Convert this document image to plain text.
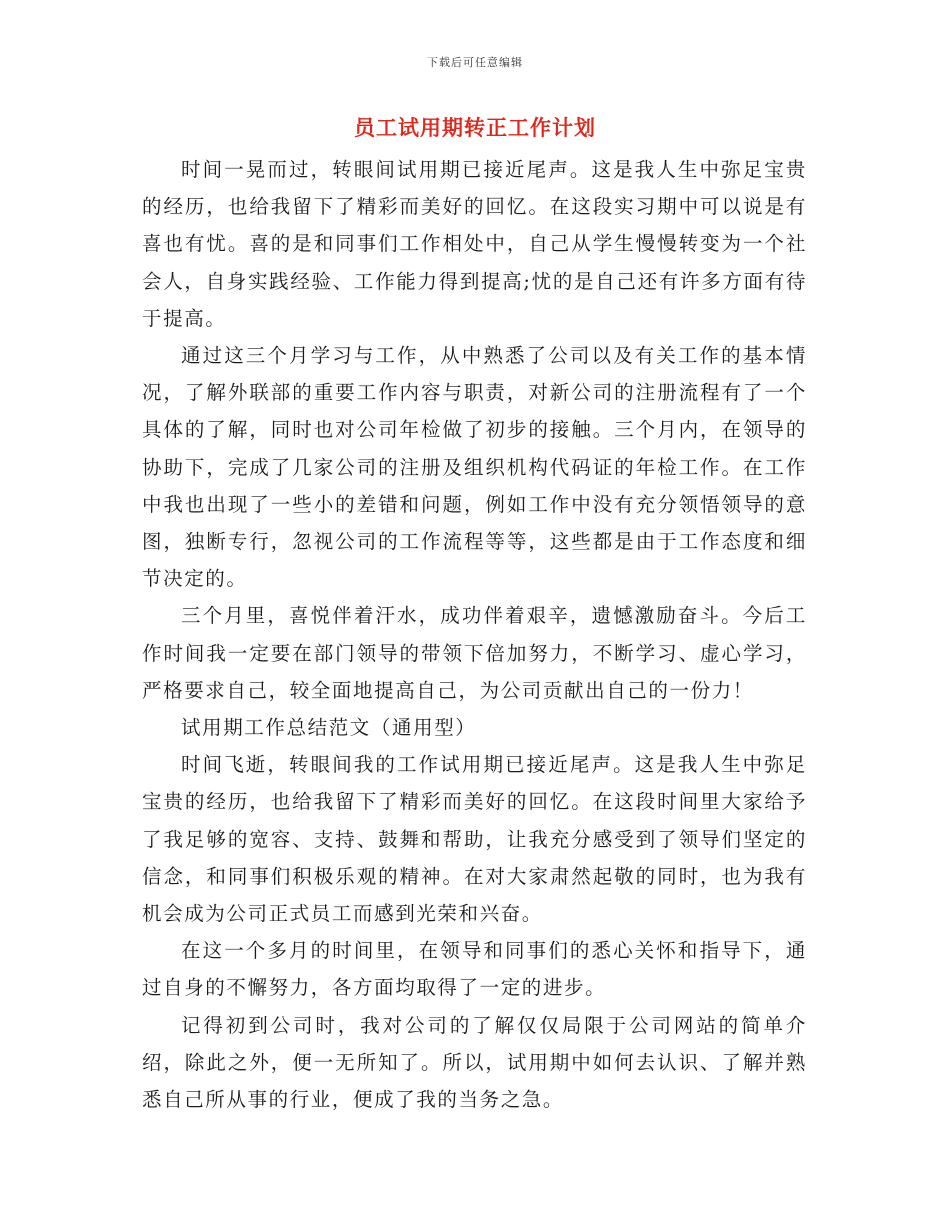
下载后可任意编辑
员工试用期转正工作计划

时间一晃而过，转眼间试用期已接近尾声。这是我人生中弥足宝贵的经历，也给我留下了精彩而美好的回忆。在这段实习期中可以说是有喜也有忧。喜的是和同事们工作相处中，自己从学生慢慢转变为一个社会人，自身实践经验、工作能力得到提高;忧的是自己还有许多方面有待于提高。

通过这三个月学习与工作，从中熟悉了公司以及有关工作的基本情况，了解外联部的重要工作内容与职责，对新公司的注册流程有了一个具体的了解，同时也对公司年检做了初步的接触。三个月内，在领导的协助下，完成了几家公司的注册及组织机构代码证的年检工作。在工作中我也出现了一些小的差错和问题，例如工作中没有充分领悟领导的意图，独断专行，忽视公司的工作流程等等，这些都是由于工作态度和细节决定的。

三个月里，喜悦伴着汗水，成功伴着艰辛，遗憾激励奋斗。今后工作时间我一定要在部门领导的带领下倍加努力，不断学习、虚心学习，严格要求自己，较全面地提高自己，为公司贡献出自己的一份力！

试用期工作总结范文（通用型）

时间飞逝，转眼间我的工作试用期已接近尾声。这是我人生中弥足宝贵的经历，也给我留下了精彩而美好的回忆。在这段时间里大家给予了我足够的宽容、支持、鼓舞和帮助，让我充分感受到了领导们坚定的信念，和同事们积极乐观的精神。在对大家肃然起敬的同时，也为我有机会成为公司正式员工而感到光荣和兴奋。

在这一个多月的时间里，在领导和同事们的悉心关怀和指导下，通过自身的不懈努力，各方面均取得了一定的进步。

记得初到公司时，我对公司的了解仅仅局限于公司网站的简单介绍，除此之外，便一无所知了。所以，试用期中如何去认识、了解并熟悉自己所从事的行业，便成了我的当务之急。
